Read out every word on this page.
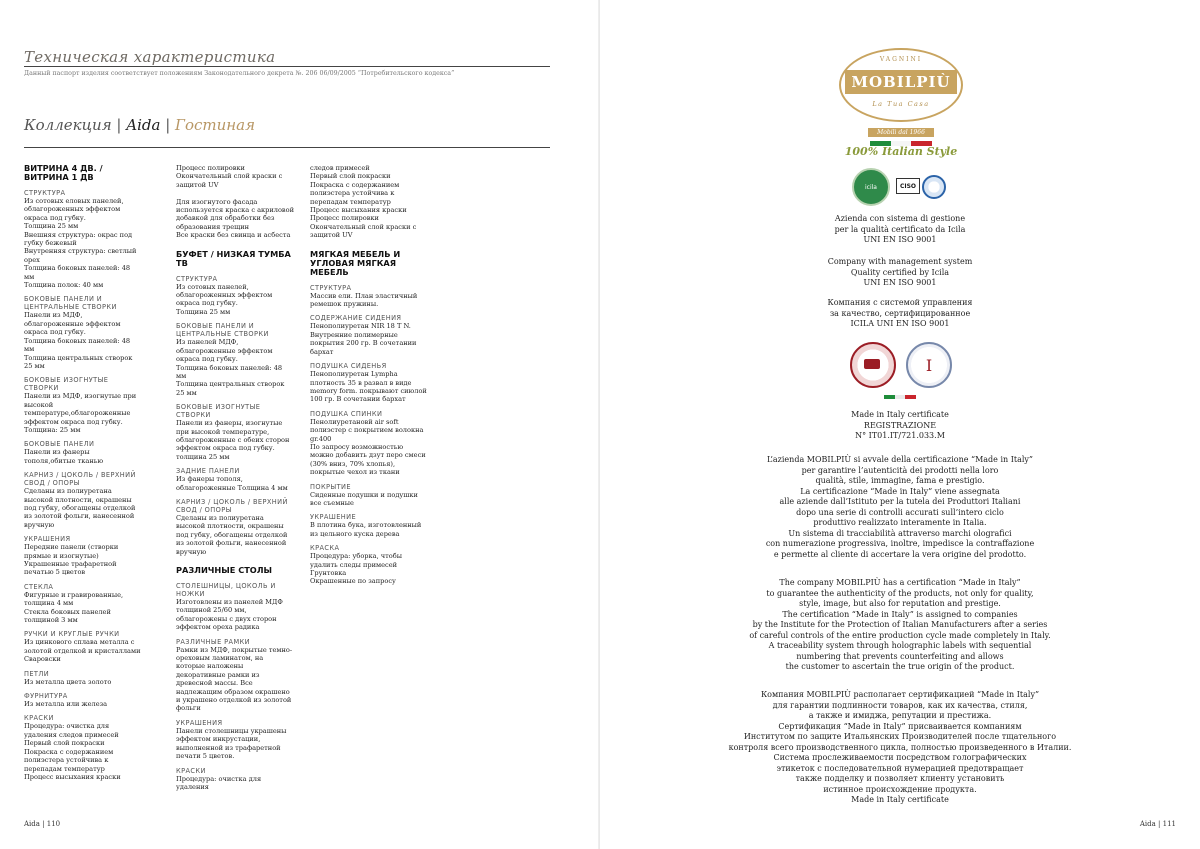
Техническая характеристика
Данный паспорт изделия соответствует положениям Законодательного декрета №. 206 06/09/2005 “Потребительского кодекса”
Коллекция | Aida | Гостиная
ВИТРИНА 4 ДВ. / ВИТРИНА 1 ДВ
СТРУКТУРА

Из сотовых еловых панелей, облагороженных эффектом окраса под губку.
Толщина 25 мм
Внешняя структура: окрас под губку бежевый
Внутренняя структура: светлый орех
Толщина боковых панелей: 48 мм
Толщина полок: 40 мм

БОКОВЫЕ ПАНЕЛИ И ЦЕНТРАЛЬНЫЕ СТВОРКИ

Панели из МДФ, облагороженные эффектом окраса под губку.
Толщина боковых панелей: 48 мм
Толщина центральных створок 25 мм

БОКОВЫЕ ИЗОГНУТЫЕ СТВОРКИ

Панели из МДФ, изогнутые при высокой температуре,облагороженные эффектом окраса под губку.
Толщина: 25 мм

БОКОВЫЕ ПАНЕЛИ

Панели из фанеры тополя,обитые тканью

КАРНИЗ / ЦОКОЛЬ / ВЕРХНИЙ СВОД / ОПОРЫ

Сделаны из полиуретана высокой плотности, окрашены под губку, обогащены отделкой из золотой фольги, нанесенной вручную

УКРАШЕНИЯ

Передние панели (створки прямые и изогнутые)
Украшенные трафаретной печатью 5 цветов

СТЕКЛА

Фигурные и гравированные, толщина 4 мм
Стекла боковых панелей толщиной 3 мм

РУЧКИ И КРУГЛЫЕ РУЧКИ

Из цинкового сплава металла с золотой отделкой и кристаллами Сваровски

ПЕТЛИ

Из металла цвета золото

ФУРНИТУРА

Из металла или железа

КРАСКИ

Процедура: очистка для удаления следов примесей
Первый слой покраски
Покраска с содержанием полиэстера устойчива к перепадам температур
Процесс высыхания краски

Процесс полировки
Окончательный слой краски с защитой UV

Для изогнутого фасада используется краска с акриловой добавкой для обработки без образования трещин
Все краски без свинца и асбеста

БУФЕТ / НИЗКАЯ ТУМБА ТВ
СТРУКТУРА

Из сотовых панелей, облагороженных эффектом окраса под губку.
Толщина 25 мм

БОКОВЫЕ ПАНЕЛИ И ЦЕНТРАЛЬНЫЕ СТВОРКИ

Из панелей МДФ, облагороженные эффектом окраса под губку.
Толщина боковых панелей: 48 мм
Толщина центральных створок 25 мм

БОКОВЫЕ ИЗОГНУТЫЕ СТВОРКИ

Панели из фанеры, изогнутые при высокой температуре, облагороженные с обеих сторон эффектом окраса под губку.
толщина 25 мм

ЗАДНИЕ ПАНЕЛИ

Из фанеры тополя, облагороженные Толщина 4 мм

КАРНИЗ / ЦОКОЛЬ / ВЕРХНИЙ СВОД / ОПОРЫ

Сделаны из полиуретана высокой плотности, окрашены под губку, обогащены отделкой из золотой фольги, нанесенной вручную

РАЗЛИЧНЫЕ СТОЛЫ
СТОЛЕШНИЦЫ, ЦОКОЛЬ И НОЖКИ

Изготовлены из панелей МДФ толщиной 25/60 мм, облагорожены с двух сторон эффектом ореха радика

РАЗЛИЧНЫЕ РАМКИ

Рамки из МДФ, покрытые темно-ореховым ламинатом, на которые наложены декоративные рамки из древесной массы. Все надлежащим образом окрашено и украшено отделкой из золотой фольги

УКРАШЕНИЯ

Панели столешницы украшены эффектом инкрустации, выполненной из трафаретной печати 5 цветов.

КРАСКИ

Процедура: очистка для удаления

следов примесей
Первый слой покраски
Покраска с содержанием полиэстера устойчива к перепадам температур
Процесс высыхания краски
Процесс полировки
Окончательный слой краски с защитой UV

МЯГКАЯ МЕБЕЛЬ И УГЛОВАЯ МЯГКАЯ МЕБЕЛЬ
СТРУКТУРА

Массив ели. План эластичный ремешок пружины.

СОДЕРЖАНИЕ СИДЕНИЯ

Пенополиуретан NIR 18 Т N. Внутренние полимерные покрытия 200 гр. В сочетании бархат

ПОДУШКА СИДЕНЬЯ

Пенополиуретан Lympha плотность 35 в развал в виде memory form. покрывают сиюлой 100 гр. В сочетании бархат

ПОДУШКА СПИНКИ

Пенолиуретановй air soft полиэстер с покрытием волокна gr.400
По запросу возможностью можно добавить дзут перо смеси (30% вниз, 70% хлопья), покрытые чехол из ткани

ПОКРЫТИЕ

Сиденные подушки и подушки все съемные

УКРАШЕНИЕ

В плотина бука, изготовленный из цельного куска дерева

КРАСКА

Процедура: уборка, чтобы удалить следы примесей
Грунтовка
Окрашенные по запросу

Aida | 110
VAGNINI
MOBILPIÙ
La Tua Casa
Mobili dal 1966
100% Italian Style
icila	CISO

Azienda con sistema di gestione
per la qualità certificato da Icila
UNI EN ISO 9001

Company with management system
Quality certified by Icila
UNI EN ISO 9001

Компания с системой управления
за качество, сертифицированное
ICILA UNI EN ISO 9001

I

Made in Italy certificate
REGISTRAZIONE
N° IT01.IT/721.033.M

L’azienda MOBILPIÙ si avvale della certificazione “Made in Italy”
per garantire l’autenticità dei prodotti nella loro
qualità, stile, immagine, fama e prestigio.
La certificazione “Made in Italy” viene assegnata
alle aziende dall’Istituto per la tutela dei Produttori Italiani
dopo una serie di controlli accurati sull’intero ciclo
produttivo realizzato interamente in Italia.
Un sistema di tracciabilità attraverso marchi olografici
con numerazione progressiva, inoltre, impedisce la contraffazione
e permette al cliente di accertare la vera origine del prodotto.

The company MOBILPIÙ has a certification “Made in Italy”
to guarantee the authenticity of the products, not only for quality,
style, image, but also for reputation and prestige.
The certification “Made in Italy” is assigned to companies
by the Institute for the Protection of Italian Manufacturers after a series
of careful controls of the entire production cycle made completely in Italy.
A traceability system through holographic labels with sequential
numbering that prevents counterfeiting and allows
the customer to ascertain the true origin of the product.

Компания MOBILPIÙ располагает сертификацией “Made in Italy”
для гарантии подлинности товаров, как их качества, стиля,
а также и имиджа, репутации и престижа.
Сертификация “Made in Italy” присваивается компаниям
Институтом по защите Итальянских Производителей после тщательного
контроля всего производственного цикла, полностью произведенного в Италии.
Система прослеживаемости посредством голографических
этикеток с последовательной нумерацией предотвращает
также подделку и позволяет клиенту установить
истинное происхождение продукта.
Made in Italy certificate

Aida | 111
